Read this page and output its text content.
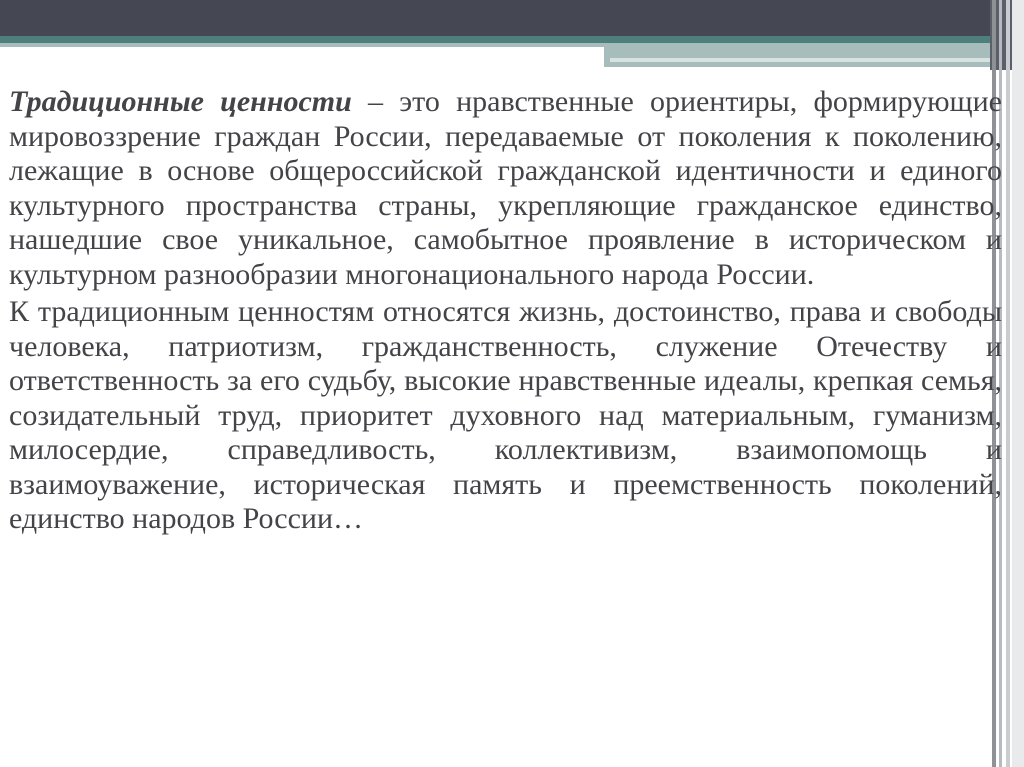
Традиционные ценности – это нравственные ориентиры, формирующие мировоззрение граждан России, передаваемые от поколения к поколению, лежащие в основе общероссийской гражданской идентичности и единого культурного пространства страны, укрепляющие гражданское единство, нашедшие свое уникальное, самобытное проявление в историческом и культурном разнообразии многонационального народа России.

К традиционным ценностям относятся жизнь, достоинство, права и свободы человека, патриотизм, гражданственность, служение Отечеству и ответственность за его судьбу, высокие нравственные идеалы, крепкая семья, созидательный труд, приоритет духовного над материальным, гуманизм, милосердие, справедливость, коллективизм, взаимопомощь и взаимоуважение, историческая память и преемственность поколений, единство народов России…
